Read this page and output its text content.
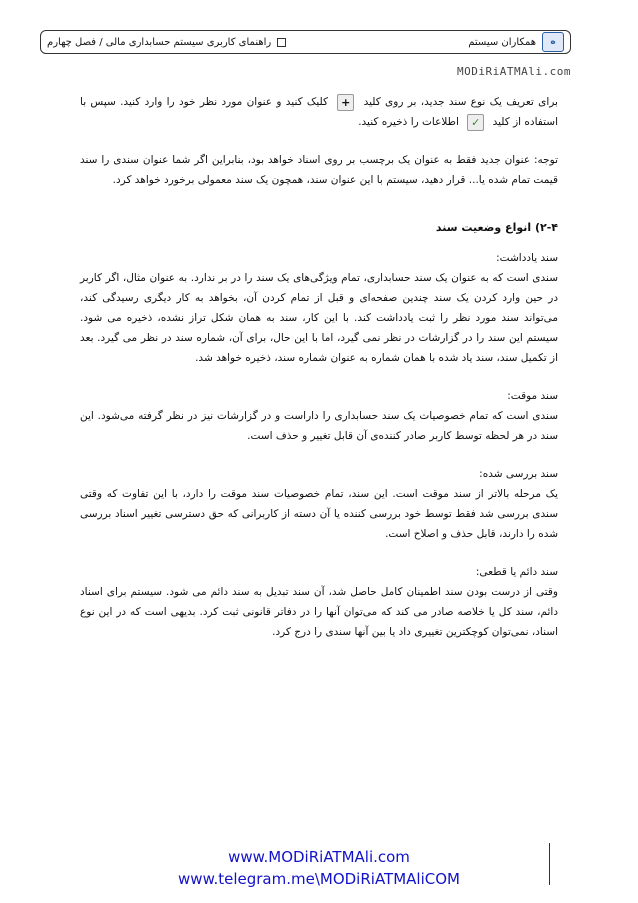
راهنمای کاربری سیستم حسابداری مالی / فصل چهارم	همکاران سیستم ه
MODiRiATMAli.com

برای تعریف یک نوع سند جدید، بر روی کلید + کلیک کنید و عنوان مورد نظر خود را وارد کنید. سپس با استفاده از کلید ✓ اطلاعات را ذخیره کنید.

توجه: عنوان جدید فقط به عنوان یک برچسب بر روی اسناد خواهد بود، بنابراین اگر شما عنوان سندی را سند قیمت تمام شده یا... قرار دهید، سیستم با این عنوان سند، همچون یک سند معمولی برخورد خواهد کرد.

۲-۴) انواع وضعیت سند

سند یادداشت:

سندی است که به عنوان یک سند حسابداری، تمام ویژگی‌های یک سند را در بر ندارد. به عنوان مثال، اگر کاربر در حین وارد کردن یک سند چندین صفحه‌ای و قبل از تمام کردن آن، بخواهد به کار دیگری رسیدگی کند، می‌تواند سند مورد نظر را ثبت یادداشت کند. با این کار، سند به همان شکل تراز نشده، ذخیره می شود. سیستم این سند را در گزارشات در نظر نمی گیرد، اما با این حال، برای آن، شماره سند در نظر می گیرد. بعد از تکمیل سند، سند یاد شده با همان شماره به عنوان شماره سند، ذخیره خواهد شد.

سند موقت:

سندی است که تمام خصوصیات یک سند حسابداری را داراست و در گزارشات نیز در نظر گرفته می‌شود. این سند در هر لحظه توسط کاربر صادر کننده‌ی آن قابل تغییر و حذف است.

سند بررسی شده:

یک مرحله بالاتر از سند موقت است. این سند، تمام خصوصیات سند موقت را دارد، با این تفاوت که وقتی سندی بررسی شد فقط توسط خود بررسی کننده یا آن دسته از کاربرانی که حق دسترسی تغییر اسناد بررسی شده را دارند، قابل حذف و اصلاح است.

سند دائم یا قطعی:

وقتی از درست بودن سند اطمینان کامل حاصل شد، آن سند تبدیل به سند دائم می شود. سیستم برای اسناد دائم، سند کل یا خلاصه صادر می کند که می‌توان آنها را در دفاتر قانونی ثبت کرد. بدیهی است که در این نوع اسناد، نمی‌توان کوچکترین تغییری داد یا بین آنها سندی را درج کرد.

www.MODiRiATMAli.com
www.telegram.me\MODiRiATMAliCOM
